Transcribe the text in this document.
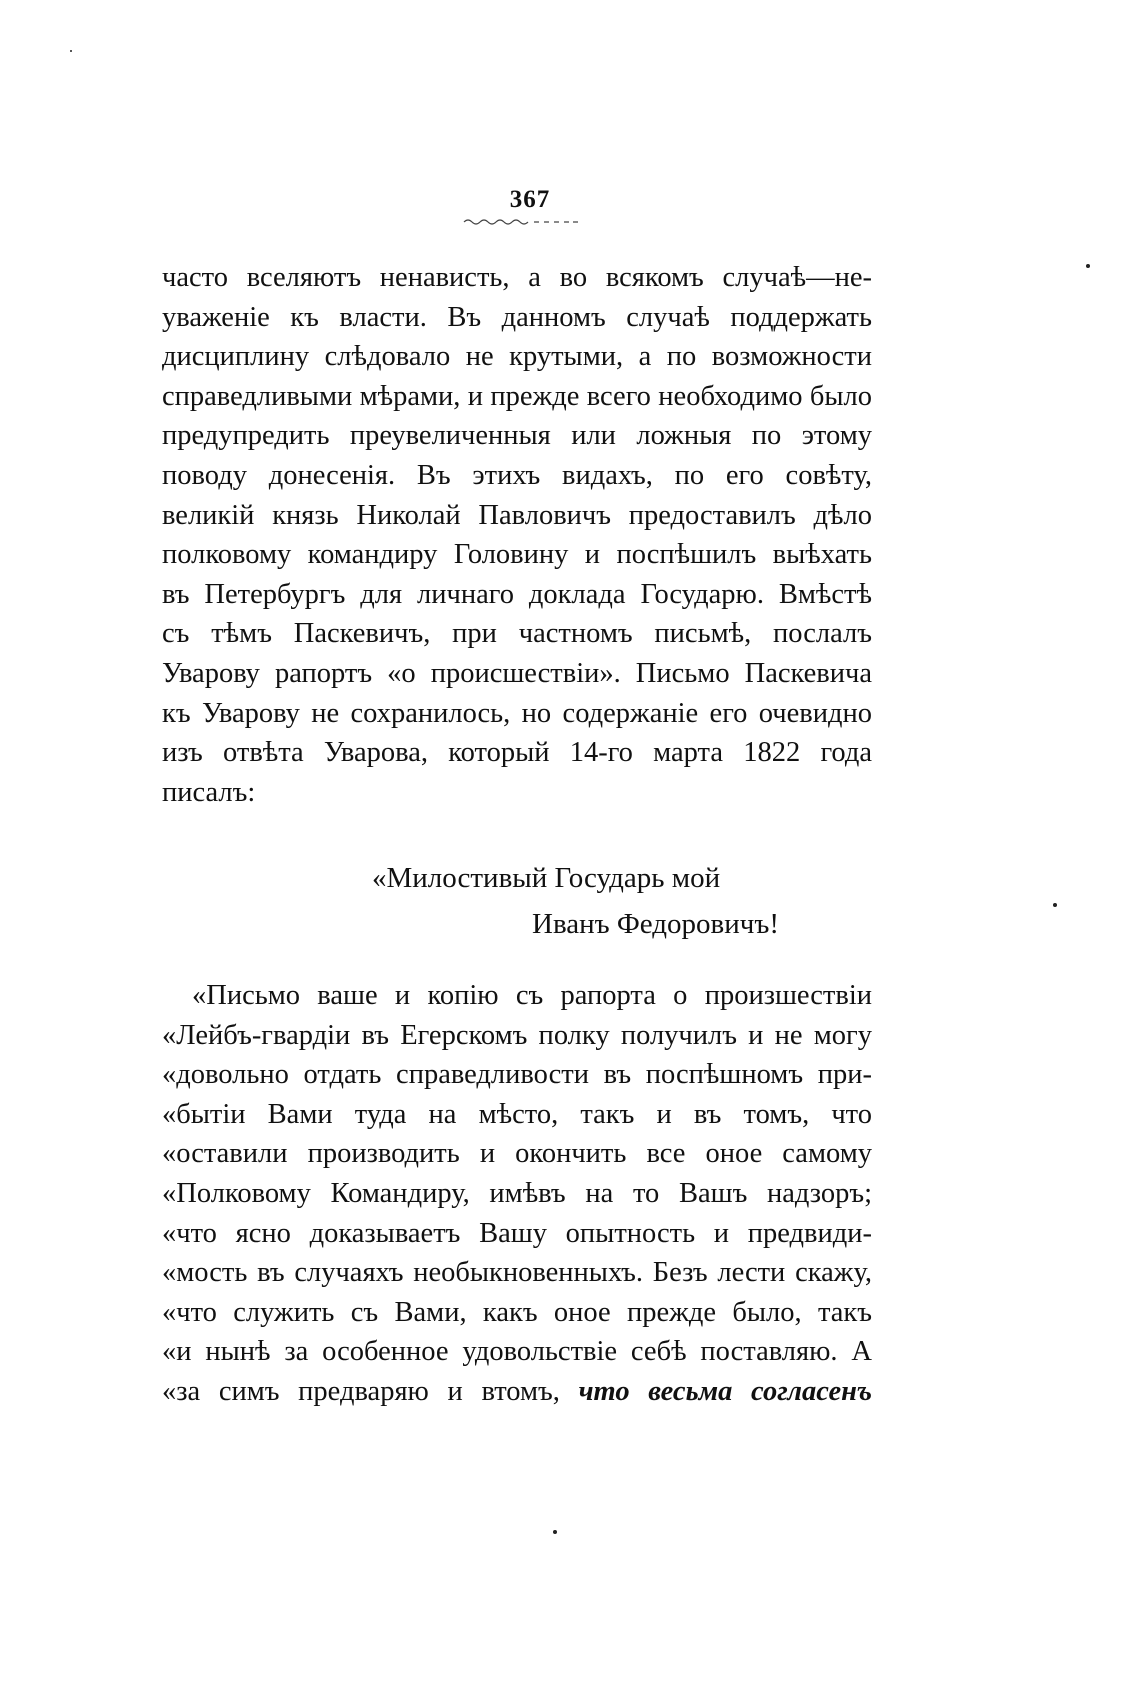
367
часто вселяютъ ненависть, а во всякомъ случаѣ—не-
уваженіе къ власти. Въ данномъ случаѣ поддержать
дисциплину слѣдовало не крутыми, а по возможности
справедливыми мѣрами, и прежде всего необходимо было
предупредить преувеличенныя или ложныя по этому
поводу донесенія. Въ этихъ видахъ, по его совѣту,
великій князь Николай Павловичъ предоставилъ дѣло
полковому командиру Головину и поспѣшилъ выѣхать
въ Петербургъ для личнаго доклада Государю. Вмѣстѣ
съ тѣмъ Паскевичъ, при частномъ письмѣ, послалъ
Уварову рапортъ «о происшествіи». Письмо Паскевича
къ Уварову не сохранилось, но содержаніе его очевидно
изъ отвѣта Уварова, который 14-го марта 1822 года
писалъ:
«Милостивый Государь мой
Иванъ Федоровичъ!
«Письмо ваше и копію съ рапорта о произшествіи
«Лейбъ-гвардіи въ Егерскомъ полку получилъ и не могу
«довольно отдать справедливости въ поспѣшномъ при-
«бытіи Вами туда на мѣсто, такъ и въ томъ, что
«оставили производить и окончить все оное самому
«Полковому Командиру, имѣвъ на то Вашъ надзоръ;
«что ясно доказываетъ Вашу опытность и предвиди-
«мость въ случаяхъ необыкновенныхъ. Безъ лести скажу,
«что служить съ Вами, какъ оное прежде было, такъ
«и нынѣ за особенное удовольствіе себѣ поставляю. А
«за симъ предваряю и втомъ, что весьма согласенъ
